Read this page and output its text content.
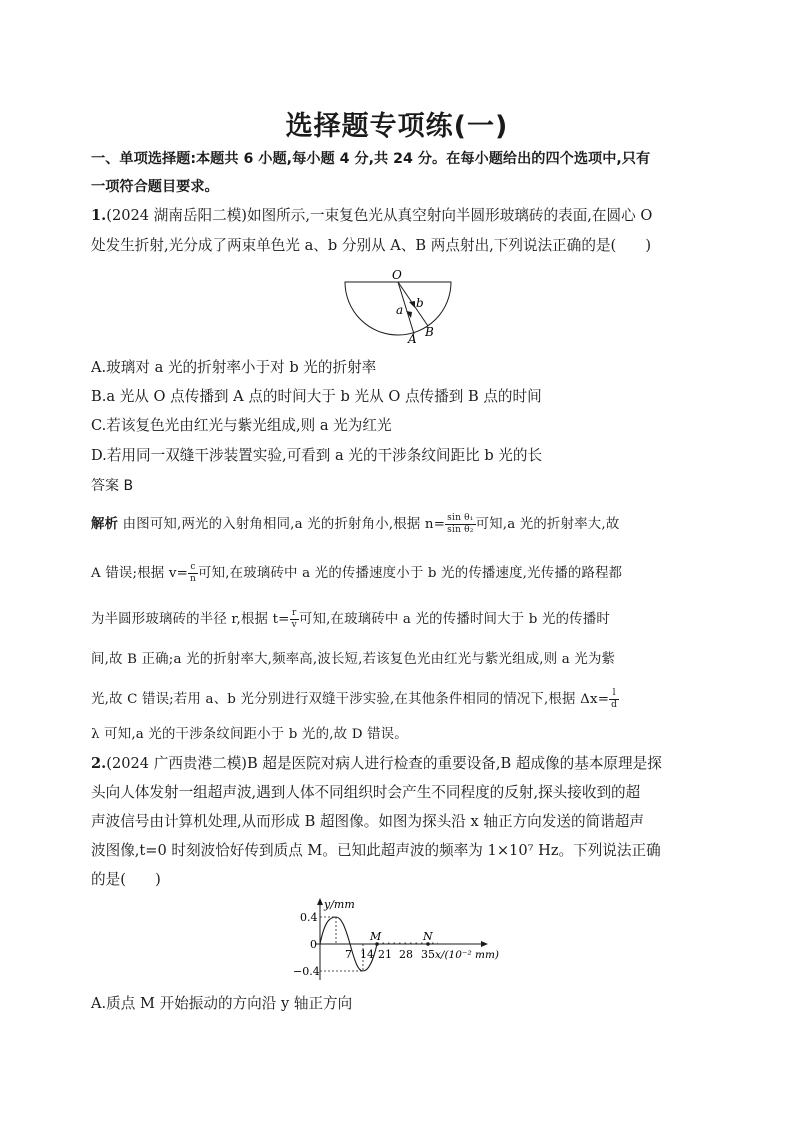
选择题专项练(一)
一、单项选择题:本题共 6 小题,每小题 4 分,共 24 分。在每小题给出的四个选项中,只有
一项符合题目要求。
1.(2024 湖南岳阳二模)如图所示,一束复色光从真空射向半圆形玻璃砖的表面,在圆心 O
处发生折射,光分成了两束单色光 a、b 分别从 A、B 两点射出,下列说法正确的是(　　)
O
a b
A B
A.玻璃对 a 光的折射率小于对 b 光的折射率
B.a 光从 O 点传播到 A 点的时间大于 b 光从 O 点传播到 B 点的时间
C.若该复色光由红光与紫光组成,则 a 光为红光
D.若用同一双缝干涉装置实验,可看到 a 光的干涉条纹间距比 b 光的长
答案 B
解析 由图可知,两光的入射角相同,a 光的折射角小,根据 $n= \frac{\text{sin θ₁}}{\text{sin θ₂}}$ 可知,a 光的折射率大,故
A 错误;根据 $v= \frac{c}{n}$ 可知,在玻璃砖中 a 光的传播速度小于 b 光的传播速度,光传播的路程都
为半圆形玻璃砖的半径 r,根据 $t= \frac{r}{v}$ 可知,在玻璃砖中 a 光的传播时间大于 b 光的传播时
间,故 B 正确;a 光的折射率大,频率高,波长短,若该复色光由红光与紫光组成,则 a 光为紫
光,故 C 错误;若用 a、b 光分别进行双缝干涉实验,在其他条件相同的情况下,根据 $\Delta x= \frac{l}{d}$
λ 可知,a 光的干涉条纹间距小于 b 光的,故 D 错误。
2.(2024 广西贵港二模)B 超是医院对病人进行检查的重要设备,B 超成像的基本原理是探
头向人体发射一组超声波,遇到人体不同组织时会产生不同程度的反射,探头接收到的超
声波信号由计算机处理,从而形成 B 超图像。如图为探头沿 x 轴正方向发送的简谐超声
波图像,t=0 时刻波恰好传到质点 M。已知此超声波的频率为 1×10⁷ Hz。下列说法正确
的是(　　)
y/mm
0.4
0
−0.4
7 14 21 28 35 x/(10⁻² mm)
M	N
A.质点 M 开始振动的方向沿 y 轴正方向
